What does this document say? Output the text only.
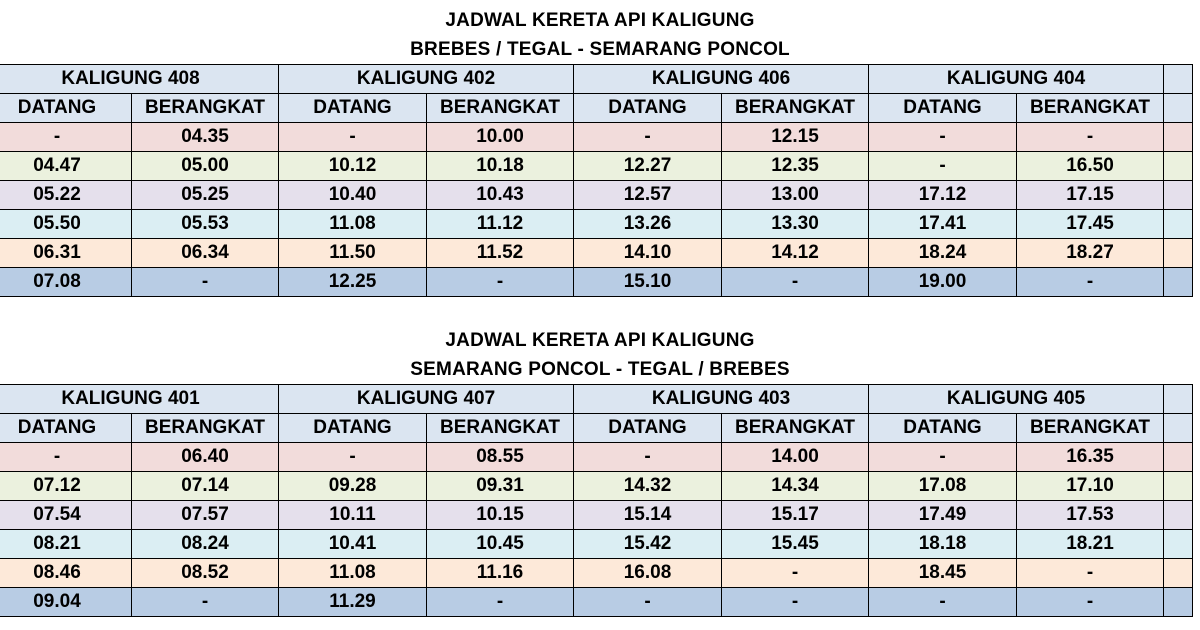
JADWAL KERETA API KALIGUNG
BREBES / TEGAL - SEMARANG PONCOL
KALIGUNG 408		KALIGUNG 402		KALIGUNG 406		KALIGUNG 404		
DATANG	BERANGKAT	DATANG	BERANGKAT	DATANG	BERANGKAT	DATANG	BERANGKAT	
-	04.35	-	10.00	-	12.15	-	-	
04.47	05.00	10.12	10.18	12.27	12.35	-	16.50	
05.22	05.25	10.40	10.43	12.57	13.00	17.12	17.15	
05.50	05.53	11.08	11.12	13.26	13.30	17.41	17.45	
06.31	06.34	11.50	11.52	14.10	14.12	18.24	18.27	
07.08	-	12.25	-	15.10	-	19.00	-	
JADWAL KERETA API KALIGUNG
SEMARANG PONCOL - TEGAL / BREBES
KALIGUNG 401		KALIGUNG 407		KALIGUNG 403		KALIGUNG 405		
DATANG	BERANGKAT	DATANG	BERANGKAT	DATANG	BERANGKAT	DATANG	BERANGKAT	
-	06.40	-	08.55	-	14.00	-	16.35	
07.12	07.14	09.28	09.31	14.32	14.34	17.08	17.10	
07.54	07.57	10.11	10.15	15.14	15.17	17.49	17.53	
08.21	08.24	10.41	10.45	15.42	15.45	18.18	18.21	
08.46	08.52	11.08	11.16	16.08	-	18.45	-	
09.04	-	11.29	-	-	-	-	-	
